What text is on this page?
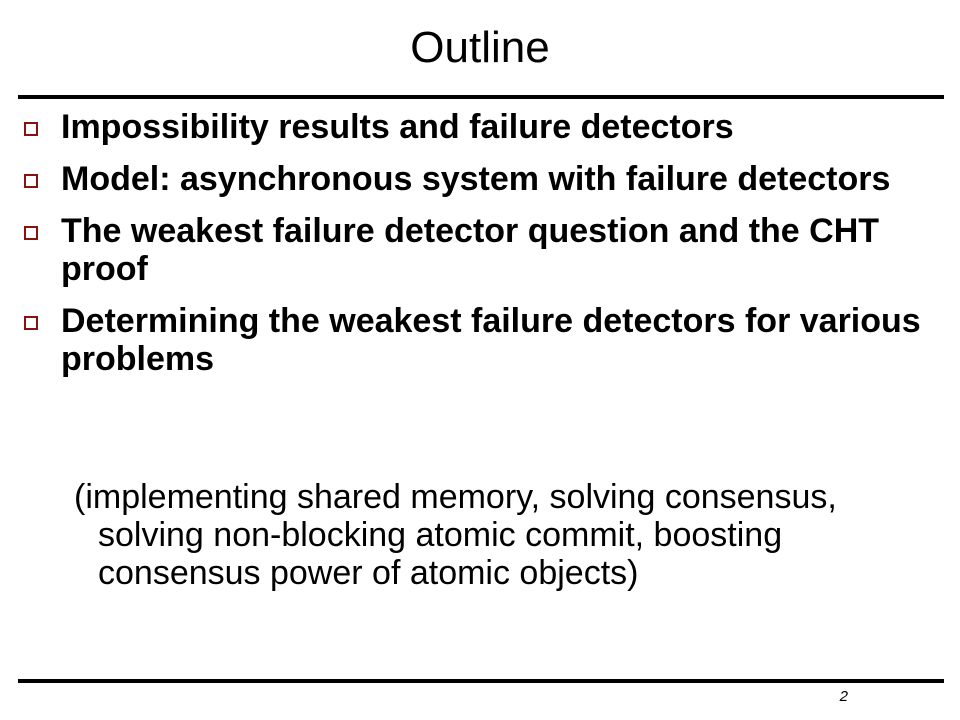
Outline
Impossibility results and failure detectors
Model: asynchronous system with failure detectors
The weakest failure detector question and the CHT proof
Determining the weakest failure detectors for various problems

(implementing shared memory, solving consensus, solving non-blocking atomic commit, boosting consensus power of atomic objects)

2
